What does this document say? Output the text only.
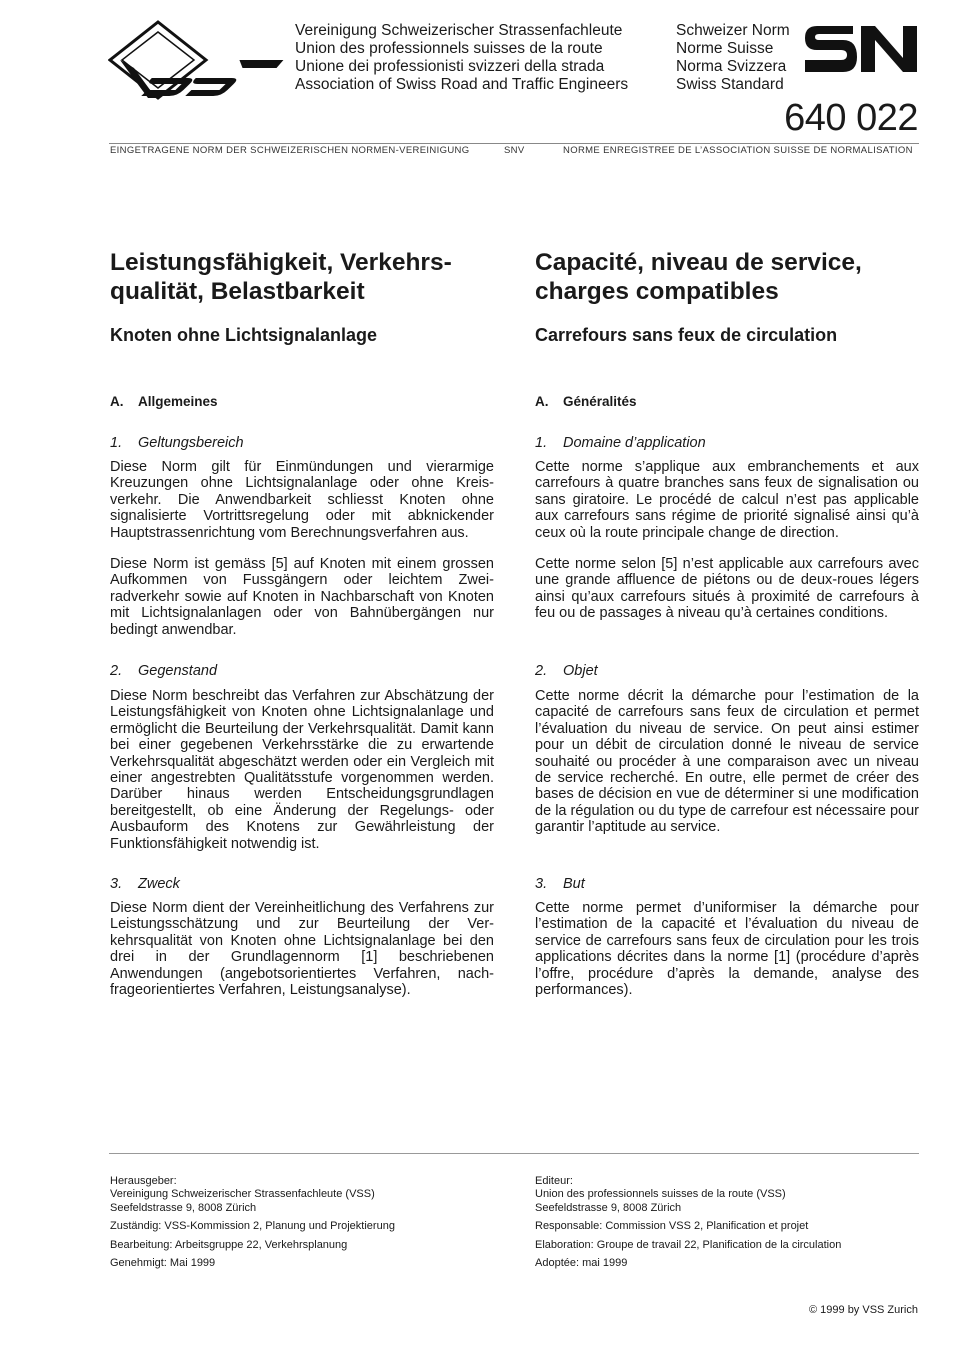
Vereinigung Schweizerischer Strassenfachleute
Union des professionnels suisses de la route
Unione dei professionisti svizzeri della strada
Association of Swiss Road and Traffic Engineers
Schweizer Norm
Norme Suisse
Norma Svizzera
Swiss Standard
640 022
EINGETRAGENE NORM DER SCHWEIZERISCHEN NORMEN-VEREINIGUNG	SNV	NORME ENREGISTREE DE L’ASSOCIATION SUISSE DE NORMALISATION
Leistungsfähigkeit, Verkehrs-
qualität, Belastbarkeit
Knoten ohne Lichtsignalanlage
A. Allgemeines
1. Geltungsbereich

Diese Norm gilt für Einmündungen und vierarmige Kreuzungen ohne Lichtsignalanlage oder ohne Kreisverkehr. Die Anwendbarkeit schliesst Knoten ohne signalisierte Vortrittsregelung oder mit abknickender Hauptstrassenrichtung vom Berechnungsverfahren aus.

Diese Norm ist gemäss [5] auf Knoten mit einem grossen Aufkommen von Fussgängern oder leichtem Zweiradverkehr sowie auf Knoten in Nachbarschaft von Knoten mit Lichtsignalanlagen oder von Bahnübergängen nur bedingt anwendbar.

2. Gegenstand

Diese Norm beschreibt das Verfahren zur Abschätzung der Leistungsfähigkeit von Knoten ohne Lichtsignalanlage und ermöglicht die Beurteilung der Verkehrsqualität. Damit kann bei einer gegebenen Verkehrsstärke die zu erwartende Verkehrsqualität abgeschätzt werden oder ein Vergleich mit einer angestrebten Qualitätsstufe vorgenommen werden. Darüber hinaus werden Entscheidungsgrundlagen bereitgestellt, ob eine Änderung der Regelungs- oder Ausbauform des Knotens zur Gewährleistung der Funktionsfähigkeit notwendig ist.

3. Zweck

Diese Norm dient der Vereinheitlichung des Verfahrens zur Leistungsschätzung und zur Beurteilung der Verkehrsqualität von Knoten ohne Lichtsignalanlage bei den drei in der Grundlagennorm [1] beschriebenen Anwendungen (angebotsorientiertes Verfahren, nachfrageorientiertes Verfahren, Leistungsanalyse).

Capacité, niveau de service,
charges compatibles
Carrefours sans feux de circulation
A. Généralités
1. Domaine d’application

Cette norme s’applique aux embranchements et aux carrefours à quatre branches sans feux de signalisation ou sans giratoire. Le procédé de calcul n’est pas applicable aux carrefours sans régime de priorité signalisé ainsi qu’à ceux où la route principale change de direction.

Cette norme selon [5] n’est applicable aux carrefours avec une grande affluence de piétons ou de deux-roues légers ainsi qu’aux carrefours situés à proximité de carrefours à feu ou de passages à niveau qu’à certaines conditions.

2. Objet

Cette norme décrit la démarche pour l’estimation de la capacité de carrefours sans feux de circulation et permet l’évaluation du niveau de service. On peut ainsi estimer pour un débit de circulation donné le niveau de service souhaité ou procéder à une comparaison avec un niveau de service recherché. En outre, elle permet de créer des bases de décision en vue de déterminer si une modification de la régulation ou du type de carrefour est nécessaire pour garantir l’aptitude au service.

3. But

Cette norme permet d’uniformiser la démarche pour l’estimation de la capacité et l’évaluation du niveau de service de carrefours sans feux de circulation pour les trois applications décrites dans la norme [1] (procédure d’après l’offre, procédure d’après la demande, analyse des performances).

Herausgeber:
Vereinigung Schweizerischer Strassenfachleute (VSS)
Seefeldstrasse 9, 8008 Zürich
Zuständig: VSS-Kommission 2, Planung und Projektierung
Bearbeitung: Arbeitsgruppe 22, Verkehrsplanung
Genehmigt: Mai 1999
Editeur:
Union des professionnels suisses de la route (VSS)
Seefeldstrasse 9, 8008 Zürich
Responsable: Commission VSS 2, Planification et projet
Elaboration: Groupe de travail 22, Planification de la circulation
Adoptée: mai 1999
© 1999 by VSS Zurich
